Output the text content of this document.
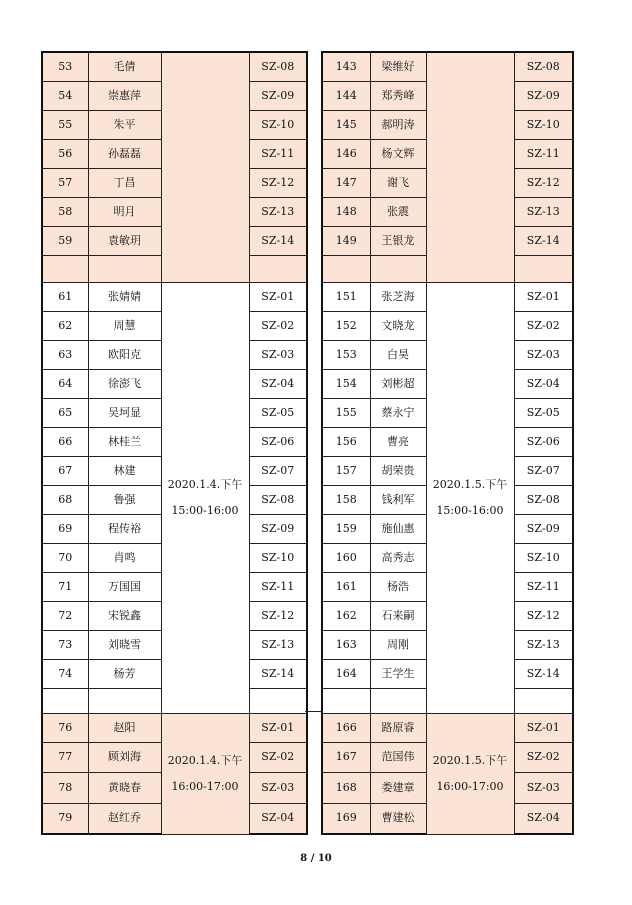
53	毛倩		SZ-08
54	崇惠萍		SZ-09
55	朱平		SZ-10
56	孙磊磊		SZ-11
57	丁昌		SZ-12
58	明月		SZ-13
59	袁敏玥		SZ-14

61	张婧婧	2020.1.4.下午 15:00-16:00	SZ-01
62	周慧		SZ-02
63	欧阳克		SZ-03
64	徐澎飞		SZ-04
65	吴坷显		SZ-05
66	林桂兰		SZ-06
67	林建		SZ-07
68	鲁强		SZ-08
69	程传裕		SZ-09
70	肖鸣		SZ-10
71	万国国		SZ-11
72	宋锐鑫		SZ-12
73	刘晓雪		SZ-13
74	杨芳		SZ-14

76	赵阳	2020.1.4.下午 16:00-17:00	SZ-01
77	顾刘海		SZ-02
78	黄晓春		SZ-03
79	赵红乔		SZ-04
143	梁维好		SZ-08
144	郑秀峰		SZ-09
145	郝明涛		SZ-10
146	杨文辉		SZ-11
147	谢飞		SZ-12
148	张震		SZ-13
149	王银龙		SZ-14

151	张芝海	2020.1.5.下午 15:00-16:00	SZ-01
152	文晓龙		SZ-02
153	白昊		SZ-03
154	刘彬超		SZ-04
155	蔡永宁		SZ-05
156	曹亮		SZ-06
157	胡荣贵		SZ-07
158	钱利军		SZ-08
159	施仙惠		SZ-09
160	高秀志		SZ-10
161	杨浩		SZ-11
162	石来嗣		SZ-12
163	周刚		SZ-13
164	王学生		SZ-14

166	路原睿	2020.1.5.下午 16:00-17:00	SZ-01
167	范国伟		SZ-02
168	娄建章		SZ-03
169	曹建松		SZ-04
8 / 10
